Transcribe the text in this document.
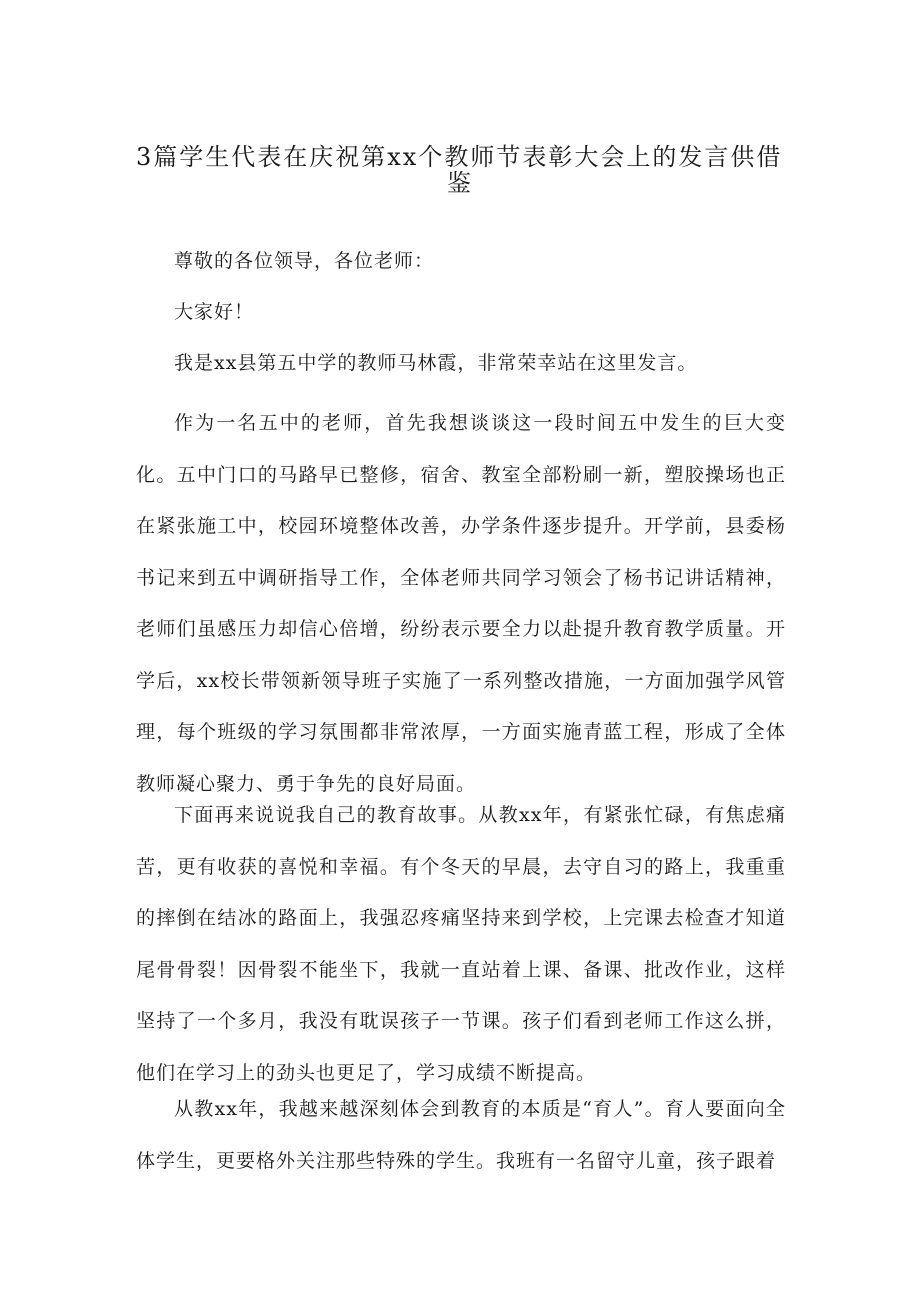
3篇学生代表在庆祝第xx个教师节表彰大会上的发言供借
鉴

尊敬的各位领导，各位老师：

大家好！

我是xx县第五中学的教师马林霞，非常荣幸站在这里发言。

作为一名五中的老师，首先我想谈谈这一段时间五中发生的巨大变化。五中门口的马路早已整修，宿舍、教室全部粉刷一新，塑胶操场也正在紧张施工中，校园环境整体改善，办学条件逐步提升。开学前，县委杨书记来到五中调研指导工作，全体老师共同学习领会了杨书记讲话精神，老师们虽感压力却信心倍增，纷纷表示要全力以赴提升教育教学质量。开学后，xx校长带领新领导班子实施了一系列整改措施，一方面加强学风管理，每个班级的学习氛围都非常浓厚，一方面实施青蓝工程，形成了全体教师凝心聚力、勇于争先的良好局面。

下面再来说说我自己的教育故事。从教xx年，有紧张忙碌，有焦虑痛苦，更有收获的喜悦和幸福。有个冬天的早晨，去守自习的路上，我重重的摔倒在结冰的路面上，我强忍疼痛坚持来到学校，上完课去检查才知道尾骨骨裂！因骨裂不能坐下，我就一直站着上课、备课、批改作业，这样坚持了一个多月，我没有耽误孩子一节课。孩子们看到老师工作这么拼，他们在学习上的劲头也更足了，学习成绩不断提高。

从教xx年，我越来越深刻体会到教育的本质是“育人”。育人要面向全体学生，更要格外关注那些特殊的学生。我班有一名留守儿童，孩子跟着
